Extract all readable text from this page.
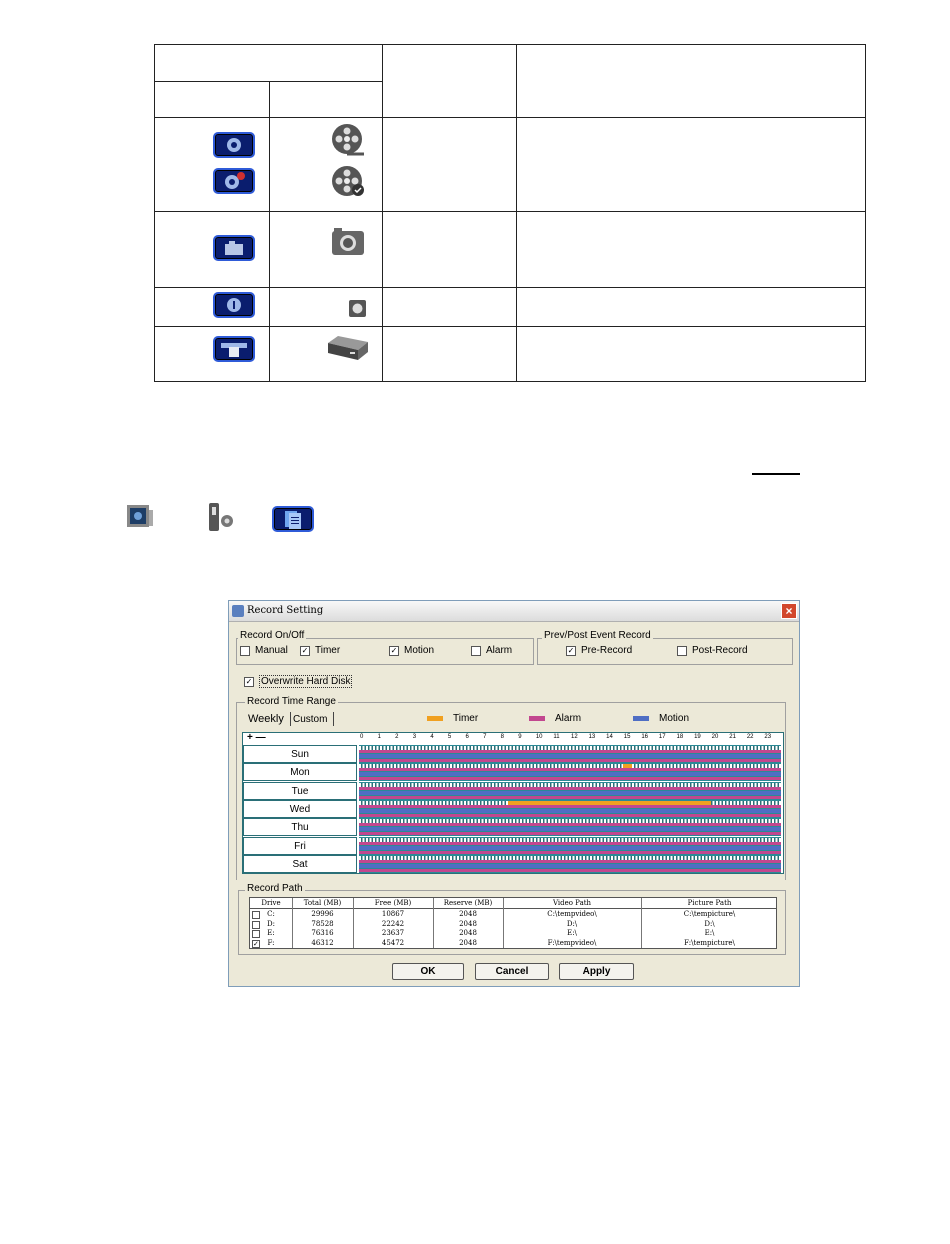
Record Setting	×
Record On/Off
Manual ✓ Timer	✓ Motion	Alarm
Prev/Post Event Record
✓ Pre-Record	Post-Record
✓ Overwrite Hard Disk
Record Time Range
Weekly Custom	Timer	Alarm	Motion
+ —	0 1 2 3 4 5 6 7 8 9 10 11 12 13 14 15 16 17 18 19 20 21 22 23
Sun
Mon
Tue
Wed
Thu
Fri
Sat
Record Path
Drive	Total (MB)	Free (MB)	Reserve (MB)	Video Path	Picture Path
C:	29996	10867	2048	C:\tempvideo\	C:\tempicture\
D:	78528	22242	2048	D:\	D:\
E:	76316	23637	2048	E:\	E:\
✓	F:	46312	45472	2048	F:\tempvideo\	F:\tempicture\
OK	Cancel	Apply
